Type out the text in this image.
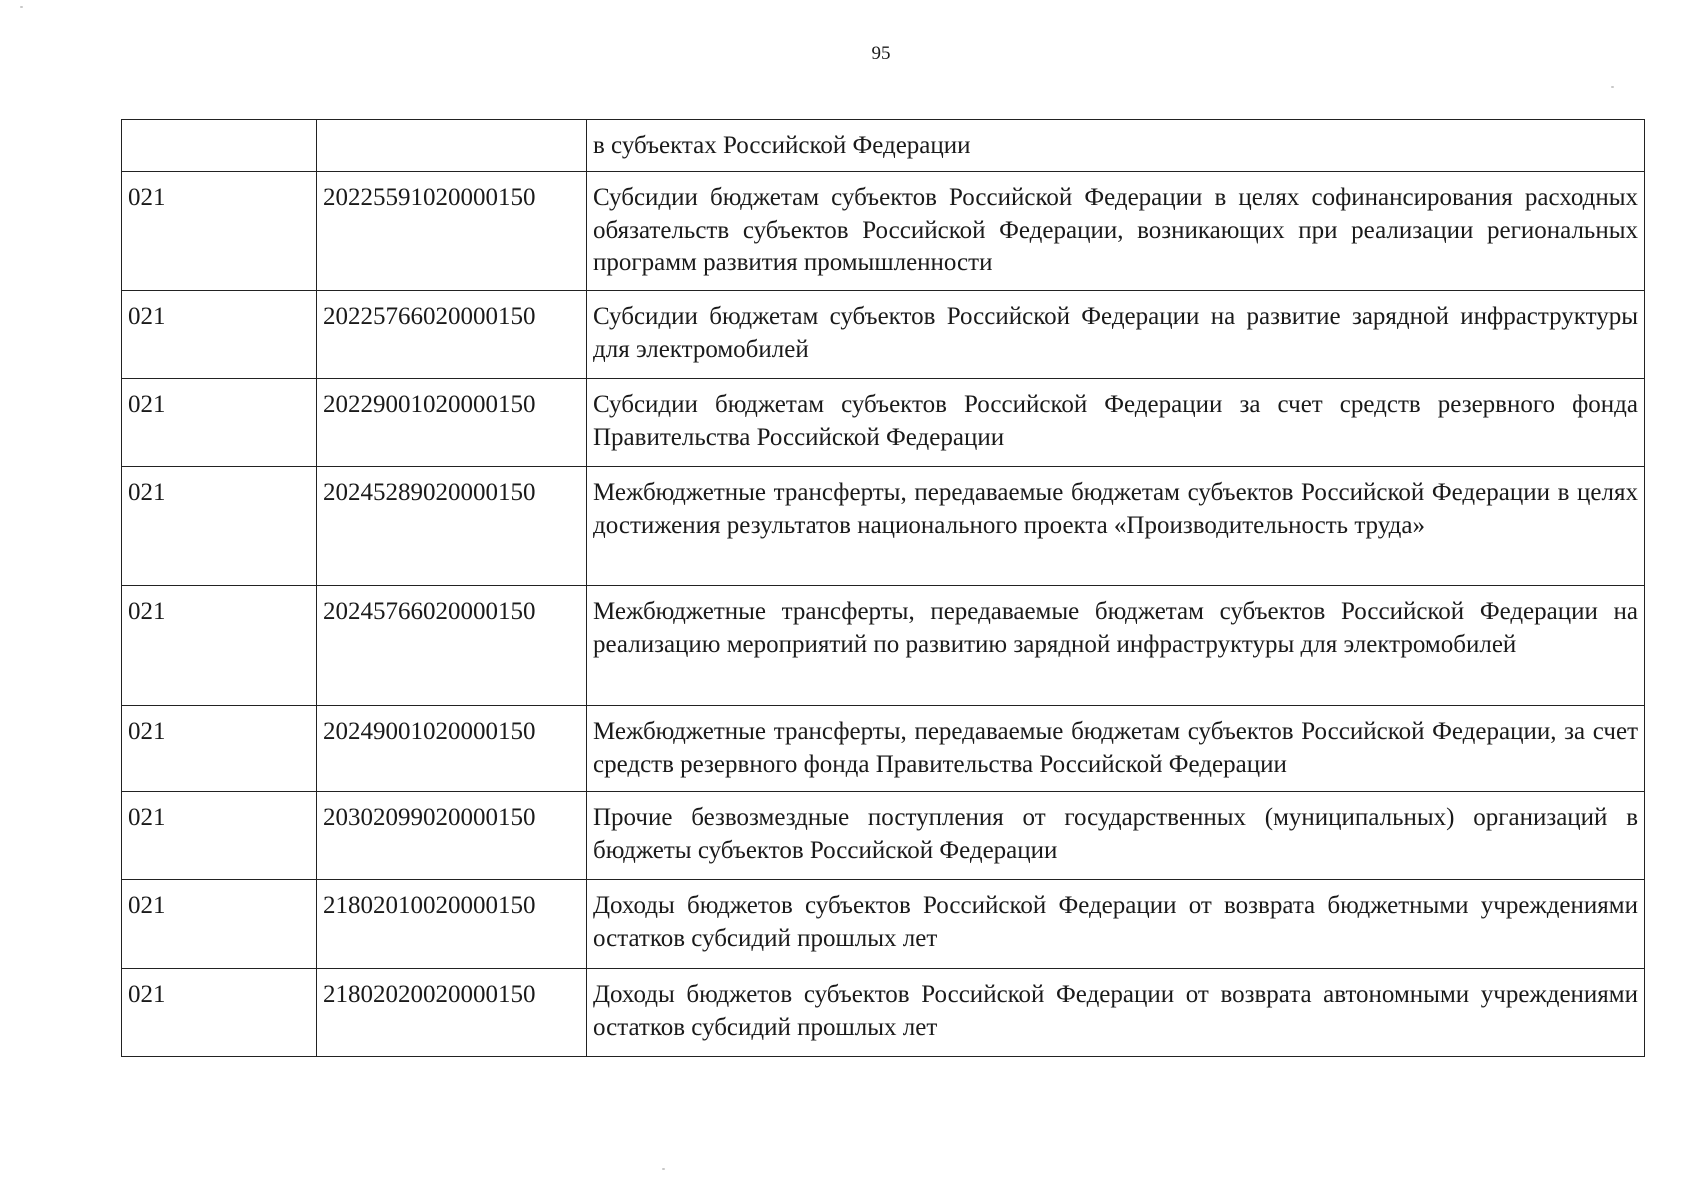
95
		в субъектах Российской Федерации
021	20225591020000150	Субсидии бюджетам субъектов Российской Федерации в целях софинансирования расходных обязательств субъектов Российской Федерации, возникающих при реализации региональных программ развития промышленности
021	20225766020000150	Субсидии бюджетам субъектов Российской Федерации на развитие зарядной инфраструктуры для электромобилей
021	20229001020000150	Субсидии бюджетам субъектов Российской Федерации за счет средств резервного фонда Правительства Российской Федерации
021	20245289020000150	Межбюджетные трансферты, передаваемые бюджетам субъектов Российской Федерации в целях достижения результатов национального проекта «Производительность труда»
021	20245766020000150	Межбюджетные трансферты, передаваемые бюджетам субъектов Российской Федерации на реализацию мероприятий по развитию зарядной инфраструктуры для электромобилей
021	20249001020000150	Межбюджетные трансферты, передаваемые бюджетам субъектов Российской Федерации, за счет средств резервного фонда Правительства Российской Федерации
021	20302099020000150	Прочие безвозмездные поступления от государственных (муниципальных) организаций в бюджеты субъектов Российской Федерации
021	21802010020000150	Доходы бюджетов субъектов Российской Федерации от возврата бюджетными учреждениями остатков субсидий прошлых лет
021	21802020020000150	Доходы бюджетов субъектов Российской Федерации от возврата автономными учреждениями остатков субсидий прошлых лет
